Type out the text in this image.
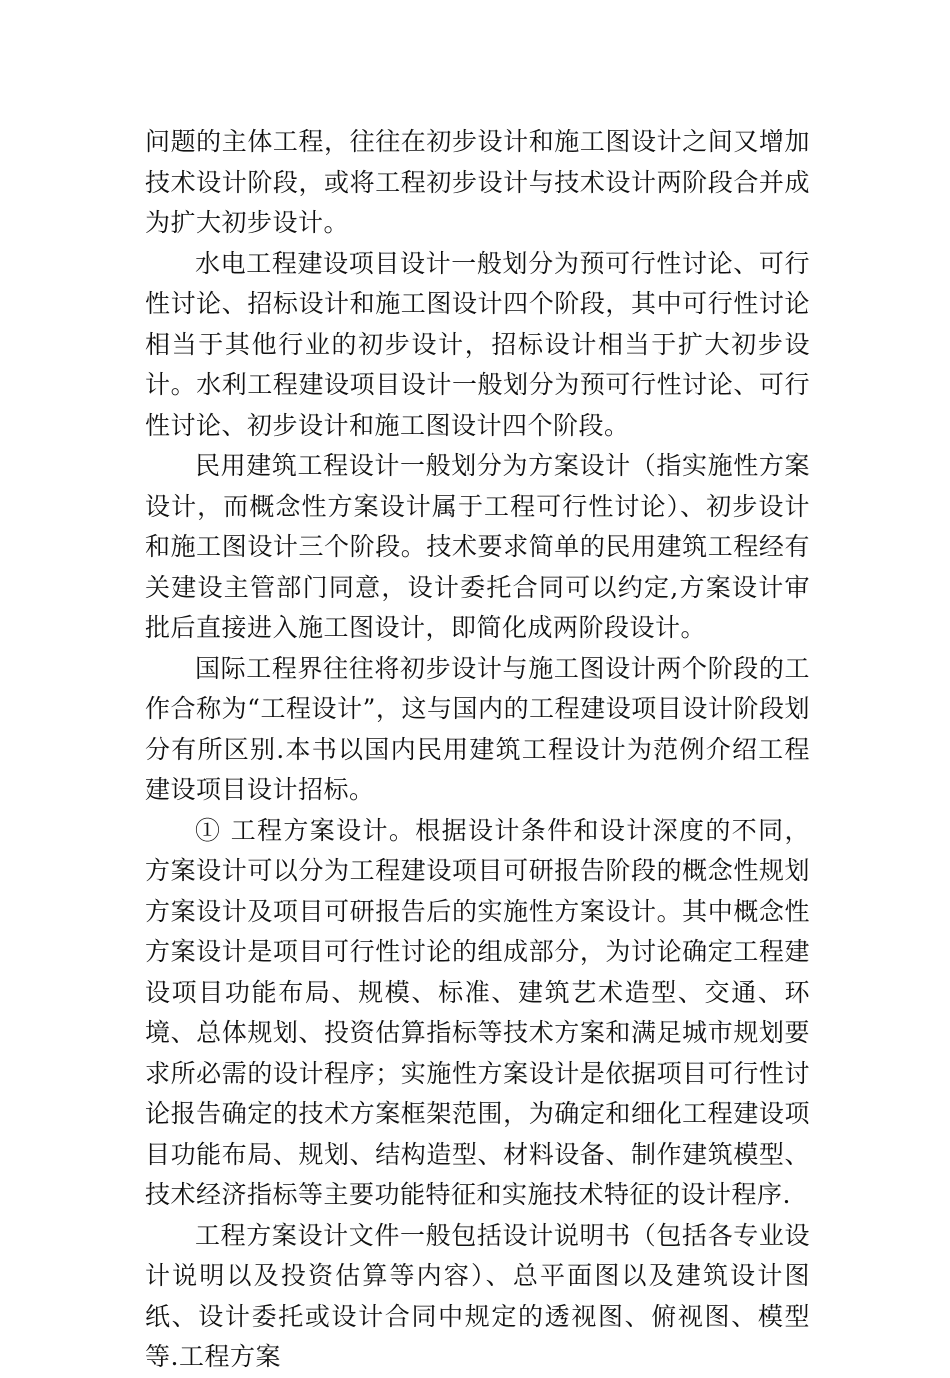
问题的主体工程，往往在初步设计和施工图设计之间又增加技术设计阶段，或将工程初步设计与技术设计两阶段合并成为扩大初步设计。

水电工程建设项目设计一般划分为预可行性讨论、可行性讨论、招标设计和施工图设计四个阶段，其中可行性讨论相当于其他行业的初步设计，招标设计相当于扩大初步设计。水利工程建设项目设计一般划分为预可行性讨论、可行性讨论、初步设计和施工图设计四个阶段。

民用建筑工程设计一般划分为方案设计（指实施性方案设计，而概念性方案设计属于工程可行性讨论）、初步设计和施工图设计三个阶段。技术要求简单的民用建筑工程经有关建设主管部门同意，设计委托合同可以约定,方案设计审批后直接进入施工图设计，即简化成两阶段设计。

国际工程界往往将初步设计与施工图设计两个阶段的工作合称为“工程设计”，这与国内的工程建设项目设计阶段划分有所区别.本书以国内民用建筑工程设计为范例介绍工程建设项目设计招标。

① 工程方案设计。根据设计条件和设计深度的不同，方案设计可以分为工程建设项目可研报告阶段的概念性规划方案设计及项目可研报告后的实施性方案设计。其中概念性方案设计是项目可行性讨论的组成部分，为讨论确定工程建设项目功能布局、规模、标准、建筑艺术造型、交通、环境、总体规划、投资估算指标等技术方案和满足城市规划要求所必需的设计程序；实施性方案设计是依据项目可行性讨论报告确定的技术方案框架范围，为确定和细化工程建设项目功能布局、规划、结构造型、材料设备、制作建筑模型、技术经济指标等主要功能特征和实施技术特征的设计程序.

工程方案设计文件一般包括设计说明书（包括各专业设计说明以及投资估算等内容）、总平面图以及建筑设计图纸、设计委托或设计合同中规定的透视图、俯视图、模型等.工程方案
